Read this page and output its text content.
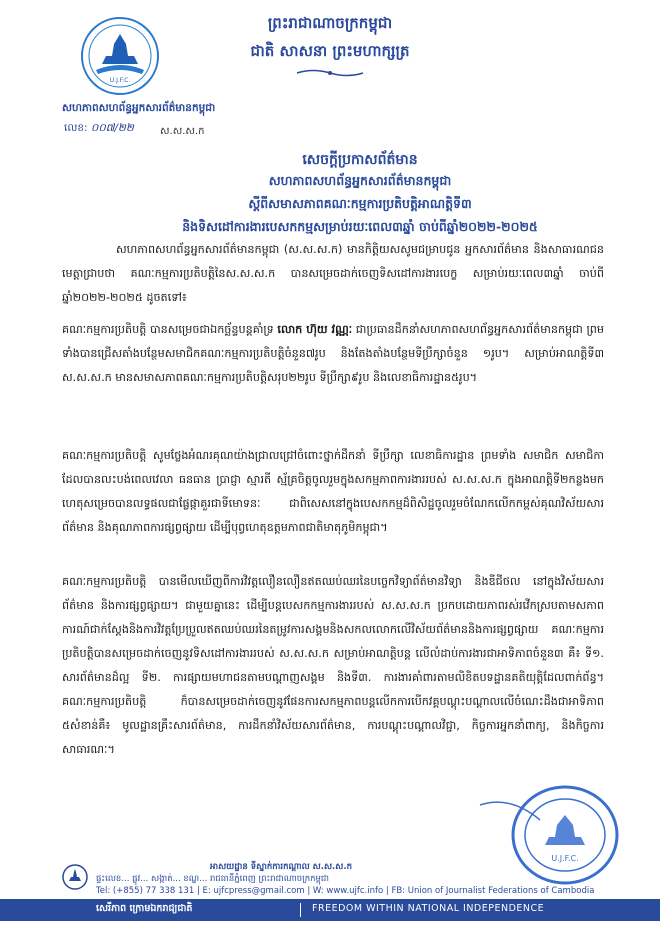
U.J.F.C.
ព្រះរាជាណាចក្រកម្ពុជា
ជាតិ សាសនា ព្រះមហាក្សត្រ
សហភាពសហព័ន្ធអ្នកសារព័ត៌មានកម្ពុជា
លេខ: ០០៧/២២	ស.ស.ស.ក
សេចក្តីប្រកាសព័ត៌មាន
សហភាពសហព័ន្ធអ្នកសារព័ត៌មានកម្ពុជា
ស្តីពីសមាសភាពគណៈកម្មការប្រតិបត្តិអាណត្តិទី៣
និងទិសដៅការងារបេសកកម្មសម្រាប់រយៈពេល៣ឆ្នាំ ចាប់ពីឆ្នាំ២០២២-២០២៥
សហភាពសហព័ន្ធអ្នកសារព័ត៌មានកម្ពុជា (ស.ស.ស.ក) មានកិត្តិយសសូមជម្រាបជូន អ្នកសារព័ត៌មាន និងសាធារណជន មេត្តាជ្រាបថា គណៈកម្មការប្រតិបត្តិនៃស.ស.ស.ក បានសម្រេចដាក់ចេញទិសដៅការងារបេក្ខ សម្រាប់រយៈពេល៣ឆ្នាំ ចាប់ពីឆ្នាំ២០២២-២០២៥ ដូចតទៅ៖
គណៈកម្មការប្រតិបត្តិ បានសម្រេចជាឯកច្ឆ័ន្ទបន្តគាំទ្រ លោក ហ៊ុយ វណ្ណៈ ជាប្រធានដឹកនាំសហភាពសហព័ន្ធអ្នកសារព័ត៌មានកម្ពុជា ព្រមទាំងបានជ្រើសតាំងបន្ថែមសមាជិកគណៈកម្មការប្រតិបត្តិចំនួន៧រូប និងតែងតាំងបន្ថែមទីប្រឹក្សាចំនួន ១រូប។ សម្រាប់អាណត្តិទី៣ ស.ស.ស.ក មានសមាសភាពគណៈកម្មការប្រតិបត្តិសរុប២២រូប ទីប្រឹក្សា៩រូប និងលេខាធិការដ្ឋាន៥រូប។
គណៈកម្មការប្រតិបត្តិ សូមថ្លែងអំណរគុណយ៉ាងជ្រាលជ្រៅចំពោះថ្នាក់ដឹកនាំ ទីប្រឹក្សា លេខាធិការដ្ឋាន ព្រមទាំង សមាជិក សមាជិកា ដែលបានលះបង់ពេលវេលា ធនធាន ប្រាជ្ញា ស្មារតី ស្ម័គ្រចិត្តចូលរួមក្នុងសកម្មភាពការងាររបស់ ស.ស.ស.ក ក្នុងអាណត្តិទី២កន្លងមក ហេតុសម្រេចបានលទ្ធផលជាផ្លែផ្កាគួរជាទីមោទនៈ ជាពិសេសនៅក្នុងបេសកកម្មដ៏ពិសិដ្ឋចូលរួមចំណែកលើកកម្ពស់គុណវិស័យសារព័ត៌មាន និងគុណភាពការផ្សព្វផ្សាយ ដើម្បីបុព្វហេតុឧត្តមភាពជាតិមាតុភូមិកម្ពុជា។
គណៈកម្មការប្រតិបត្តិ បានមើលឃើញពីការវិវត្តលឿនលឿនឥតឈប់ឈរនៃបច្ចេកវិទ្យាព័ត៌មានវិទ្យា និងឌីជីថល នៅក្នុងវិស័យសារព័ត៌មាន និងការផ្សព្វផ្សាយ។ ជាមួយគ្នានេះ ដើម្បីបន្តបេសកកម្មការងាររបស់ ស.ស.ស.ក ប្រកបដោយភាពរស់រវើកស្របតាមសភាពការណ៍ជាក់ស្តែងនិងការវិវត្តប្រែប្រួលឥតឈប់ឈរនៃតម្រូវការសង្គមនិងសកលលោកលើវិស័យព័ត៌មាននិងការផ្សព្វផ្សាយ គណៈកម្មការប្រតិបត្តិបានសម្រេចដាក់ចេញនូវទិសដៅការងាររបស់ ស.ស.ស.ក សម្រាប់អាណត្តិបន្ត លើលំដាប់ការងារជាអាទិភាពចំនួន៣ គឺ៖ ទី១. សារព័ត៌មានដ៏ល្អ ទី២. ការផ្សាយមហាជនតាមបណ្តាញសង្គម និងទី៣. ការងារគាំពារតាមលិខិតបទដ្ឋានគតិយុត្តិដែលពាក់ព័ន្ធ។ គណៈកម្មការប្រតិបត្តិ ក៏បានសម្រេចដាក់ចេញនូវផែនការសកម្មភាពបន្តលើកការបើកវគ្គបណ្តុះបណ្តាលលើចំណេះដឹងជាអាទិភាព ៥សំខាន់គឺ៖ មូលដ្ឋានគ្រឹះសារព័ត៌មាន, ការដឹកនាំវិស័យសារព័ត៌មាន, ការបណ្តុះបណ្តាលវិជ្ជា, កិច្ចការអ្នកនាំពាក្យ, និងកិច្ចការសាធារណៈ។
U.J.F.C.
អាសយដ្ឋាន ទីស្នាក់ការកណ្តាល ស.ស.ស.ក
ផ្ទះលេខ... ផ្លូវ... សង្កាត់... ខណ្ឌ... រាជធានីភ្នំពេញ ព្រះរាជាណាចក្រកម្ពុជា
Tel: (+855) 77 338 131 | E: ujfcpress@gmail.com | W: www.ujfc.info | FB: Union of Journalist Federations of Cambodia
សេរីភាព ក្រោមឯករាជ្យជាតិ	FREEDOM WITHIN NATIONAL INDEPENDENCE
